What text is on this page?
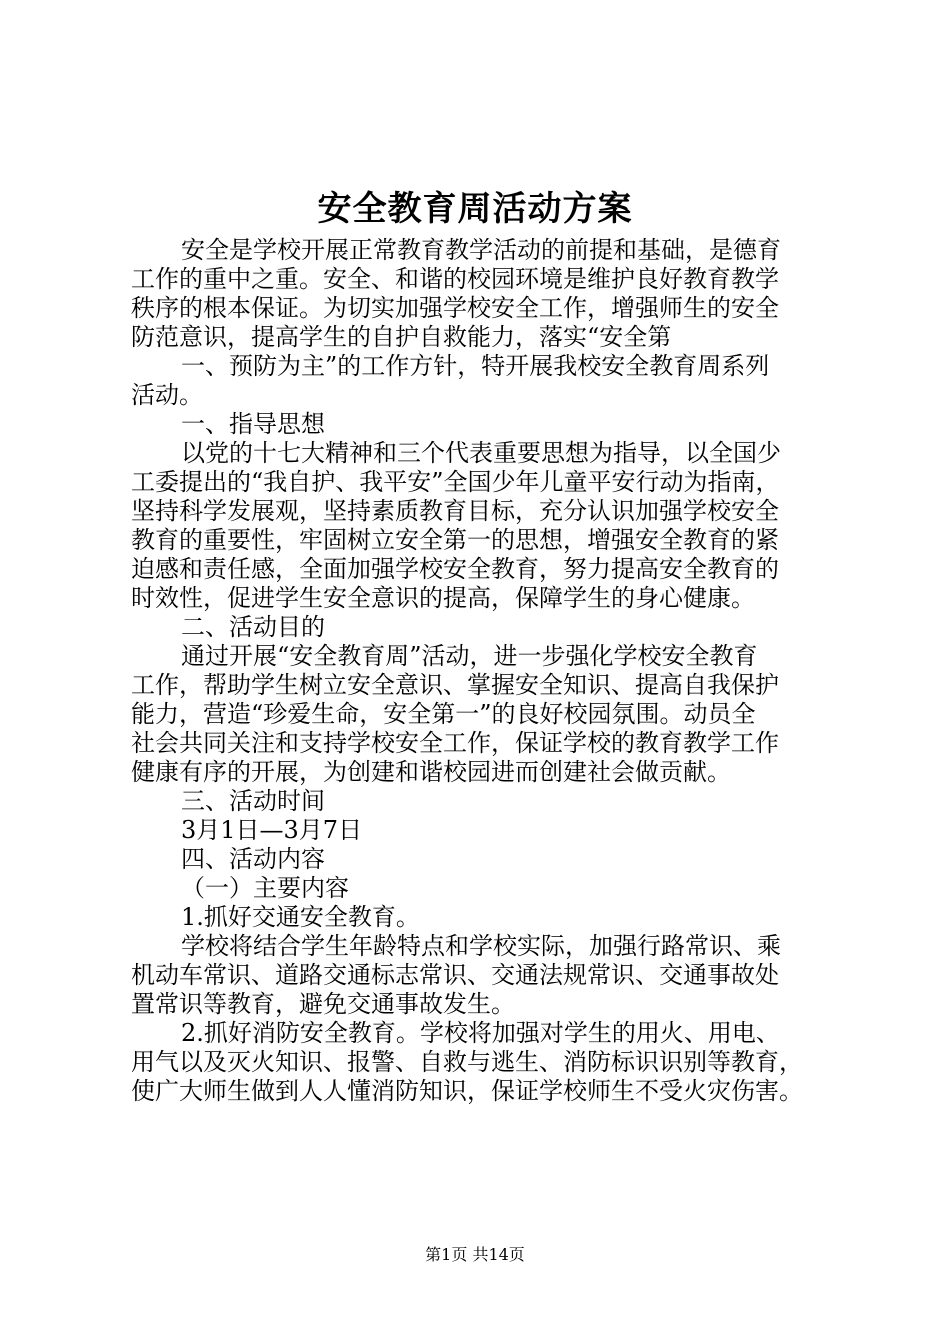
安全教育周活动方案
安全是学校开展正常教育教学活动的前提和基础，是德育
工作的重中之重。安全、和谐的校园环境是维护良好教育教学
秩序的根本保证。为切实加强学校安全工作，增强师生的安全
防范意识，提高学生的自护自救能力，落实“安全第
一、预防为主”的工作方针，特开展我校安全教育周系列
活动。
一、指导思想
以党的十七大精神和三个代表重要思想为指导，以全国少
工委提出的“我自护、我平安”全国少年儿童平安行动为指南，
坚持科学发展观，坚持素质教育目标，充分认识加强学校安全
教育的重要性，牢固树立安全第一的思想，增强安全教育的紧
迫感和责任感，全面加强学校安全教育，努力提高安全教育的
时效性，促进学生安全意识的提高，保障学生的身心健康。
二、活动目的
通过开展“安全教育周”活动，进一步强化学校安全教育
工作，帮助学生树立安全意识、掌握安全知识、提高自我保护
能力，营造“珍爱生命，安全第一”的良好校园氛围。动员全
社会共同关注和支持学校安全工作，保证学校的教育教学工作
健康有序的开展，为创建和谐校园进而创建社会做贡献。
三、活动时间
3月1日—3月7日
四、活动内容
（一）主要内容
1.抓好交通安全教育。
学校将结合学生年龄特点和学校实际，加强行路常识、乘
机动车常识、道路交通标志常识、交通法规常识、交通事故处
置常识等教育，避免交通事故发生。
2.抓好消防安全教育。学校将加强对学生的用火、用电、
用气以及灭火知识、报警、自救与逃生、消防标识识别等教育，
使广大师生做到人人懂消防知识，保证学校师生不受火灾伤害。
第1页 共14页
